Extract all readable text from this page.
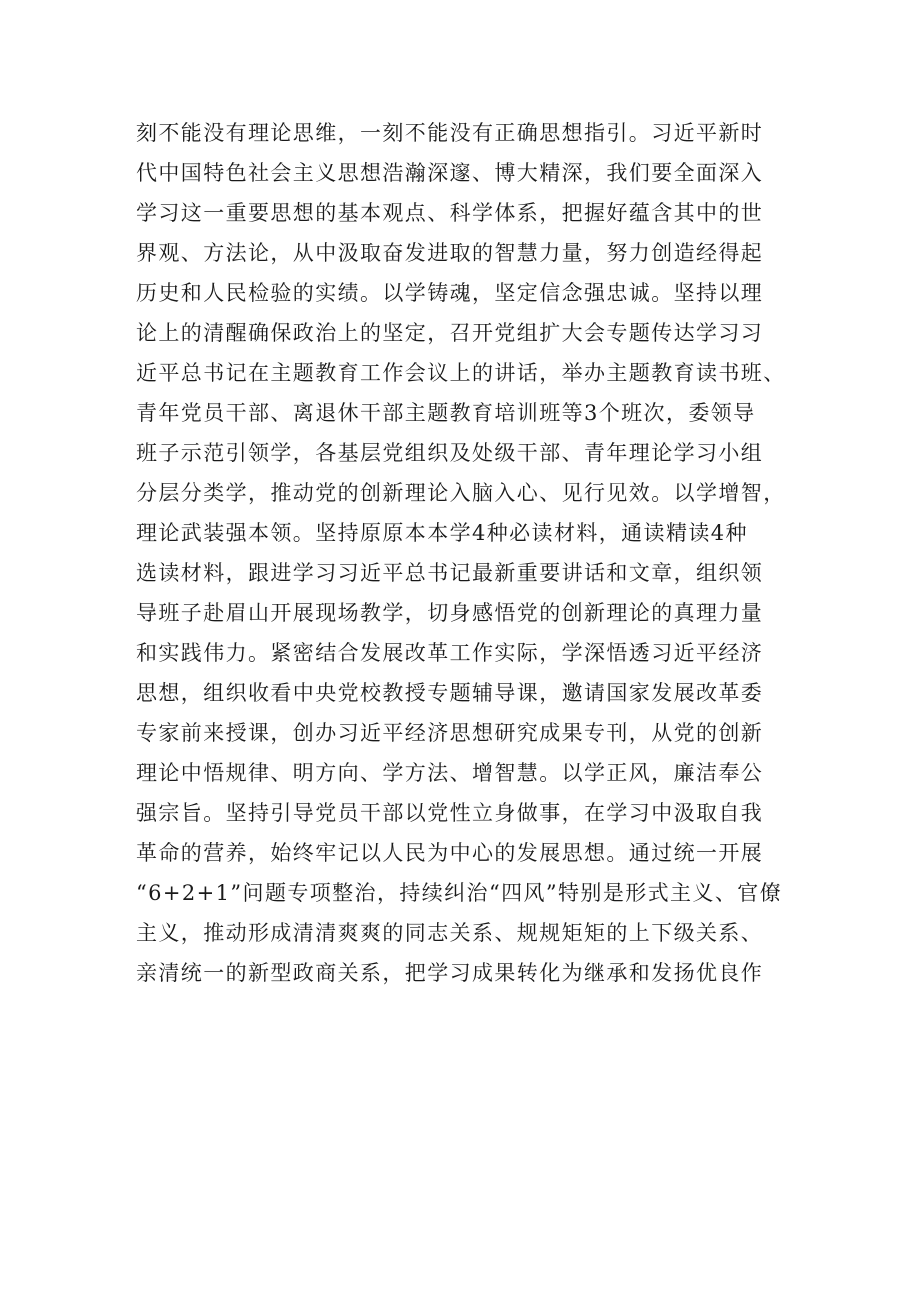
刻不能没有理论思维，一刻不能没有正确思想指引。习近平新时
代中国特色社会主义思想浩瀚深邃、博大精深，我们要全面深入
学习这一重要思想的基本观点、科学体系，把握好蕴含其中的世
界观、方法论，从中汲取奋发进取的智慧力量，努力创造经得起
历史和人民检验的实绩。以学铸魂，坚定信念强忠诚。坚持以理
论上的清醒确保政治上的坚定，召开党组扩大会专题传达学习习
近平总书记在主题教育工作会议上的讲话，举办主题教育读书班、
青年党员干部、离退休干部主题教育培训班等3个班次，委领导
班子示范引领学，各基层党组织及处级干部、青年理论学习小组
分层分类学，推动党的创新理论入脑入心、见行见效。以学增智，
理论武装强本领。坚持原原本本学4种必读材料，通读精读4种
选读材料，跟进学习习近平总书记最新重要讲话和文章，组织领
导班子赴眉山开展现场教学，切身感悟党的创新理论的真理力量
和实践伟力。紧密结合发展改革工作实际，学深悟透习近平经济
思想，组织收看中央党校教授专题辅导课，邀请国家发展改革委
专家前来授课，创办习近平经济思想研究成果专刊，从党的创新
理论中悟规律、明方向、学方法、增智慧。以学正风，廉洁奉公
强宗旨。坚持引导党员干部以党性立身做事，在学习中汲取自我
革命的营养，始终牢记以人民为中心的发展思想。通过统一开展
“6+2+1”问题专项整治，持续纠治“四风”特别是形式主义、官僚
主义，推动形成清清爽爽的同志关系、规规矩矩的上下级关系、
亲清统一的新型政商关系，把学习成果转化为继承和发扬优良作
